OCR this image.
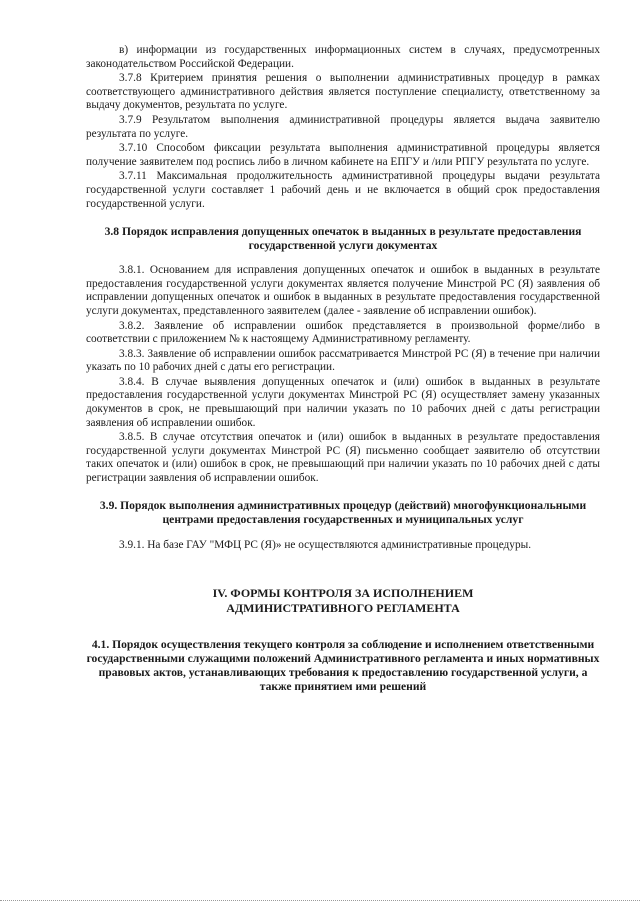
в) информации из государственных информационных систем в случаях, предусмотренных законодательством Российской Федерации.

3.7.8 Критерием принятия решения о выполнении административных процедур в рамках соответствующего административного действия является поступление специалисту, ответственному за выдачу документов, результата по услуге.

3.7.9 Результатом выполнения административной процедуры является выдача заявителю результата по услуге.

3.7.10 Способом фиксации результата выполнения административной процедуры является получение заявителем под роспись либо в личном кабинете на ЕПГУ и /или РПГУ результата по услуге.

3.7.11 Максимальная продолжительность административной процедуры выдачи результата государственной услуги составляет 1 рабочий день и не включается в общий срок предоставления государственной услуги.

3.8 Порядок исправления допущенных опечаток в выданных в результате предоставления государственной услуги документах

3.8.1. Основанием для исправления допущенных опечаток и ошибок в выданных в результате предоставления государственной услуги документах является получение Минстрой РС (Я) заявления об исправлении допущенных опечаток и ошибок в выданных в результате предоставления государственной услуги документах, представленного заявителем (далее - заявление об исправлении ошибок).

3.8.2. Заявление об исправлении ошибок представляется в произвольной форме/либо в соответствии с приложением № к настоящему Административному регламенту.

3.8.3. Заявление об исправлении ошибок рассматривается Минстрой РС (Я) в течение при наличии указать по 10 рабочих дней с даты его регистрации.

3.8.4. В случае выявления допущенных опечаток и (или) ошибок в выданных в результате предоставления государственной услуги документах Минстрой РС (Я) осуществляет замену указанных документов в срок, не превышающий при наличии указать по 10 рабочих дней с даты регистрации заявления об исправлении ошибок.

3.8.5. В случае отсутствия опечаток и (или) ошибок в выданных в результате предоставления государственной услуги документах Минстрой РС (Я) письменно сообщает заявителю об отсутствии таких опечаток и (или) ошибок в срок, не превышающий при наличии указать по 10 рабочих дней с даты регистрации заявления об исправлении ошибок.

3.9. Порядок выполнения административных процедур (действий) многофункциональными центрами предоставления государственных и муниципальных услуг

3.9.1. На базе ГАУ "МФЦ РС (Я)» не осуществляются административные процедуры.

IV. ФОРМЫ КОНТРОЛЯ ЗА ИСПОЛНЕНИЕМ
АДМИНИСТРАТИВНОГО РЕГЛАМЕНТА

4.1. Порядок осуществления текущего контроля за соблюдение и исполнением ответственными государственными служащими положений Административного регламента и иных нормативных правовых актов, устанавливающих требования к предоставлению государственной услуги, а также принятием ими решений
